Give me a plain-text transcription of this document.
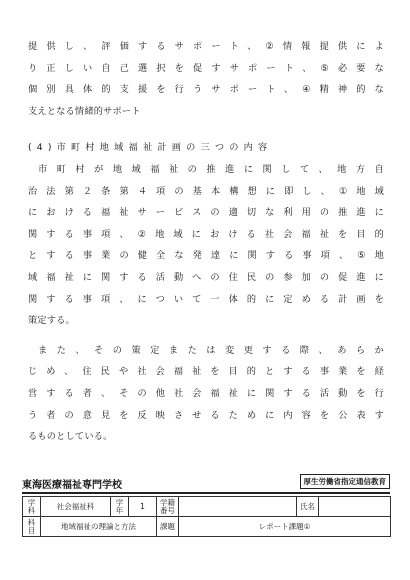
提供し、評価するサポート、②情報提供によ
り正しい自己選択を促すサポート、⑤必要な
個別具体的支援を行うサポート、④精神的な
支えとなる情緒的サポート
(4)市町村地域福祉計画の三つの内容
市町村が地域福祉の推進に関して、地方自
治法第２条第４項の基本構想に即し、①地域
における福祉サービスの適切な利用の推進に
関する事項、②地域における社会福祉を目的
とする事業の健全な発達に関する事項、⑤地
域福祉に関する活動への住民の参加の促進に
関する事項、について一体的に定める計画を
策定する。
また、その策定または変更する際、あらか
じめ、住民や社会福祉を目的とする事業を経
営する者、その他社会福祉に関する活動を行
う者の意見を反映させるために内容を公表す
るものとしている。
東海医療福祉専門学校	厚生労働省指定通信教育
学科	社会福祉科	学年	1	学籍番号		氏名	
科目	地域福祉の理論と方法			課題	レポート課題①		
